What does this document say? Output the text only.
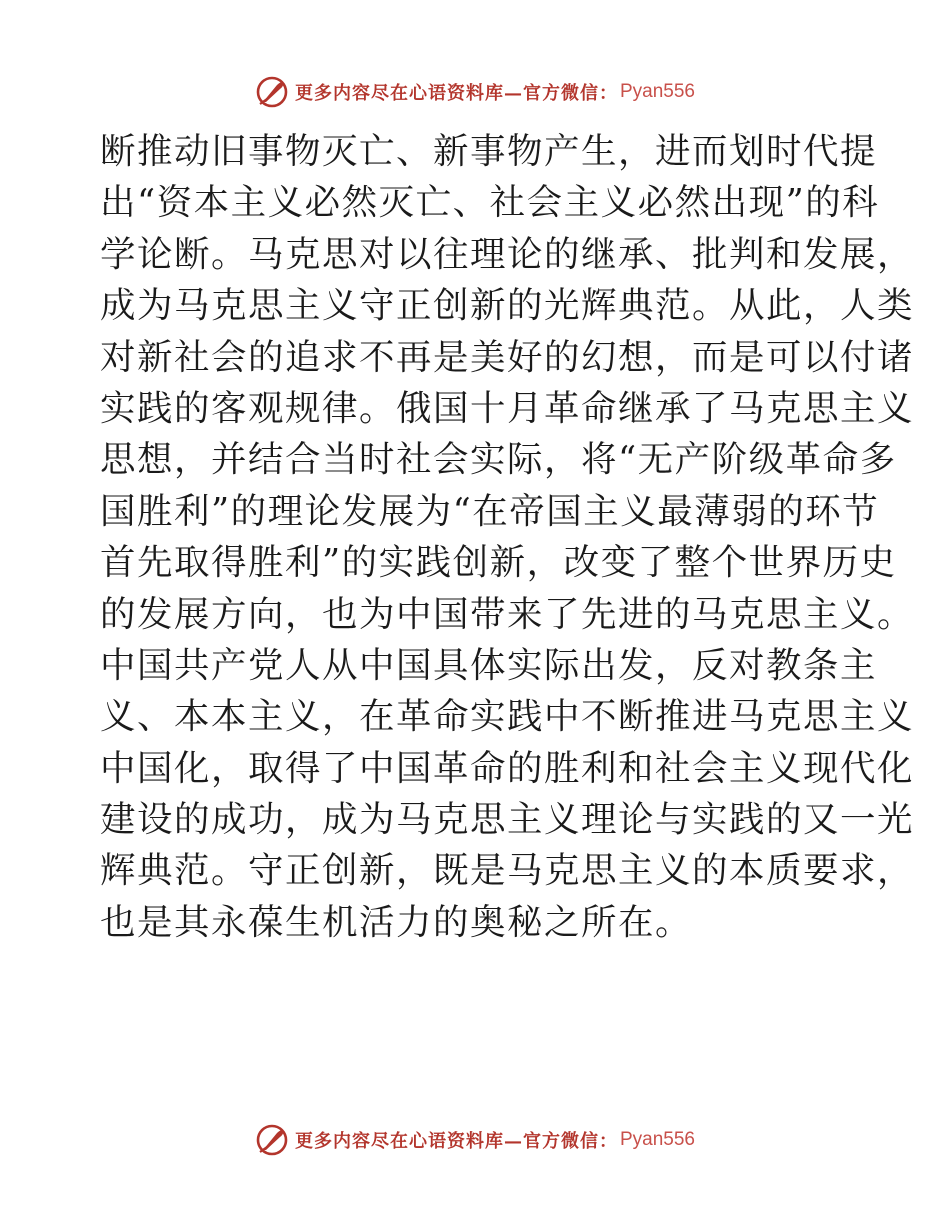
更多内容尽在心语资料库—官方微信： Pyan556
断推动旧事物灭亡、新事物产生，进而划时代提
出“资本主义必然灭亡、社会主义必然出现”的科
学论断。马克思对以往理论的继承、批判和发展，
成为马克思主义守正创新的光辉典范。从此，人类
对新社会的追求不再是美好的幻想，而是可以付诸
实践的客观规律。俄国十月革命继承了马克思主义
思想，并结合当时社会实际，将“无产阶级革命多
国胜利”的理论发展为“在帝国主义最薄弱的环节
首先取得胜利”的实践创新，改变了整个世界历史
的发展方向，也为中国带来了先进的马克思主义。
中国共产党人从中国具体实际出发，反对教条主
义、本本主义，在革命实践中不断推进马克思主义
中国化，取得了中国革命的胜利和社会主义现代化
建设的成功，成为马克思主义理论与实践的又一光
辉典范。守正创新，既是马克思主义的本质要求，
也是其永葆生机活力的奥秘之所在。
更多内容尽在心语资料库—官方微信： Pyan556
